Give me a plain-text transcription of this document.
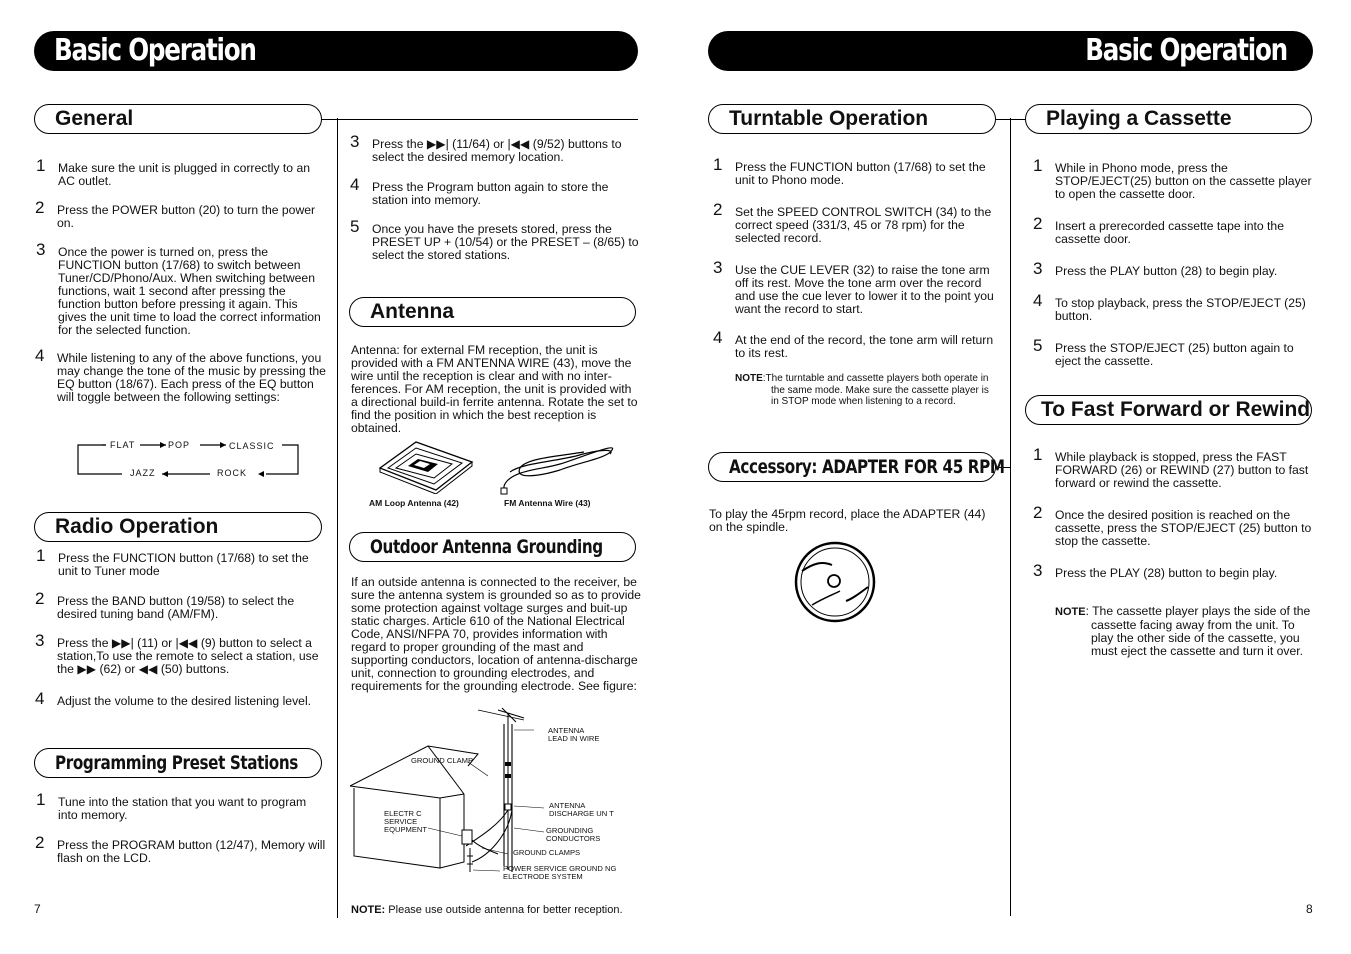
Basic Operation	Basic Operation
General
1 Make sure the unit is plugged in correctly to an AC outlet.
2 Press the POWER button (20) to turn the power on.
3 Once the power is turned on, press the FUNCTION button (17/68) to switch between Tuner/CD/Phono/Aux. When switching between functions, wait 1 second after pressing the function button before pressing it again. This gives the unit time to load the correct information for the selected function.
4 While listening to any of the above functions, you may change the tone of the music by pressing the EQ button (18/67). Each press of the EQ button will toggle between the following settings:
FLAT	POP	CLASSIC
JAZZ	ROCK
Radio Operation
1 Press the FUNCTION button (17/68) to set the unit to Tuner mode
2 Press the BAND button (19/58) to select the desired tuning band (AM/FM).
3 Press the ▶▶| (11) or |◀◀ (9) button to select a station,To use the remote to select a station, use the ▶▶ (62) or ◀◀ (50) buttons.
4 Adjust the volume to the desired listening level.
Programming Preset Stations
1 Tune into the station that you want to program into memory.
2 Press the PROGRAM button (12/47), Memory will flash on the LCD.
7
3 Press the ▶▶| (11/64) or |◀◀ (9/52) buttons to select the desired memory location.
4 Press the Program button again to store the station into memory.
5 Once you have the presets stored, press the PRESET UP + (10/54) or the PRESET – (8/65) to select the stored stations.
Antenna
Antenna: for external FM reception, the unit is provided with a FM ANTENNA WIRE (43), move the wire until the reception is clear and with no inter-ferences. For AM reception, the unit is provided with a directional build-in ferrite antenna. Rotate the set to find the position in which the best reception is obtained.
AM Loop Antenna (42)	FM Antenna Wire (43)
Outdoor Antenna Grounding
If an outside antenna is connected to the receiver, be sure the antenna system is grounded so as to provide some protection against voltage surges and buit-up static charges. Article 610 of the National Electrical Code, ANSI/NFPA 70, provides information with regard to proper grounding of the mast and supporting conductors, location of antenna-discharge unit, connection to grounding electrodes, and requirements for the grounding electrode. See figure:
ANTENNA
LEAD IN WIRE
GROUND CLAMP
ELECTR C
SERVICE
EQUPMENT
ANTENNA
DISCHARGE UN T
GROUNDING
CONDUCTORS
GROUND CLAMPS
POWER SERVICE GROUND NG
ELECTRODE SYSTEM
NOTE: Please use outside antenna for better reception.
Turntable Operation
1 Press the FUNCTION button (17/68) to set the unit to Phono mode.
2 Set the SPEED CONTROL SWITCH (34) to the correct speed (331/3, 45 or 78 rpm) for the selected record.
3 Use the CUE LEVER (32) to raise the tone arm off its rest. Move the tone arm over the record and use the cue lever to lower it to the point you want the record to start.
4 At the end of the record, the tone arm will return to its rest.
NOTE:The turntable and cassette players both operate in the same mode. Make sure the cassette player is in STOP mode when listening to a record.
Accessory: ADAPTER FOR 45 RPM
To play the 45rpm record, place the ADAPTER (44) on the spindle.
Playing a Cassette
1 While in Phono mode, press the STOP/EJECT(25) button on the cassette player to open the cassette door.
2 Insert a prerecorded cassette tape into the cassette door.
3 Press the PLAY button (28) to begin play.
4 To stop playback, press the STOP/EJECT (25) button.
5 Press the STOP/EJECT (25) button again to eject the cassette.
To Fast Forward or Rewind
1 While playback is stopped, press the FAST FORWARD (26) or REWIND (27) button to fast forward or rewind the cassette.
2 Once the desired position is reached on the cassette, press the STOP/EJECT (25) button to stop the cassette.
3 Press the PLAY (28) button to begin play.
NOTE: The cassette player plays the side of the cassette facing away from the unit. To play the other side of the cassette, you must eject the cassette and turn it over.
8
